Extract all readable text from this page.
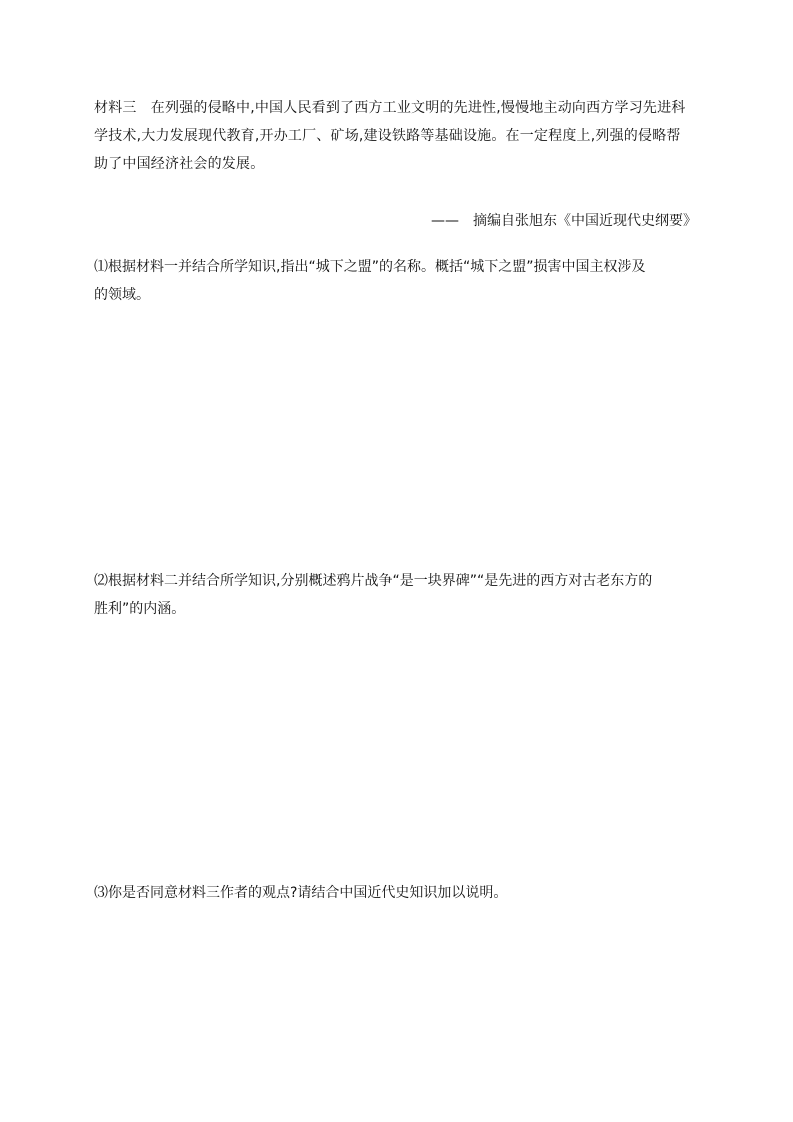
材料三　在列强的侵略中,中国人民看到了西方工业文明的先进性,慢慢地主动向西方学习先进科

学技术,大力发展现代教育,开办工厂、矿场,建设铁路等基础设施。在一定程度上,列强的侵略帮

助了中国经济社会的发展。

——　摘编自张旭东《中国近现代史纲要》

⑴根据材料一并结合所学知识,指出“城下之盟”的名称。概括“城下之盟”损害中国主权涉及

的领域。

⑵根据材料二并结合所学知识,分别概述鸦片战争“是一块界碑”“是先进的西方对古老东方的

胜利”的内涵。

⑶你是否同意材料三作者的观点?请结合中国近代史知识加以说明。
